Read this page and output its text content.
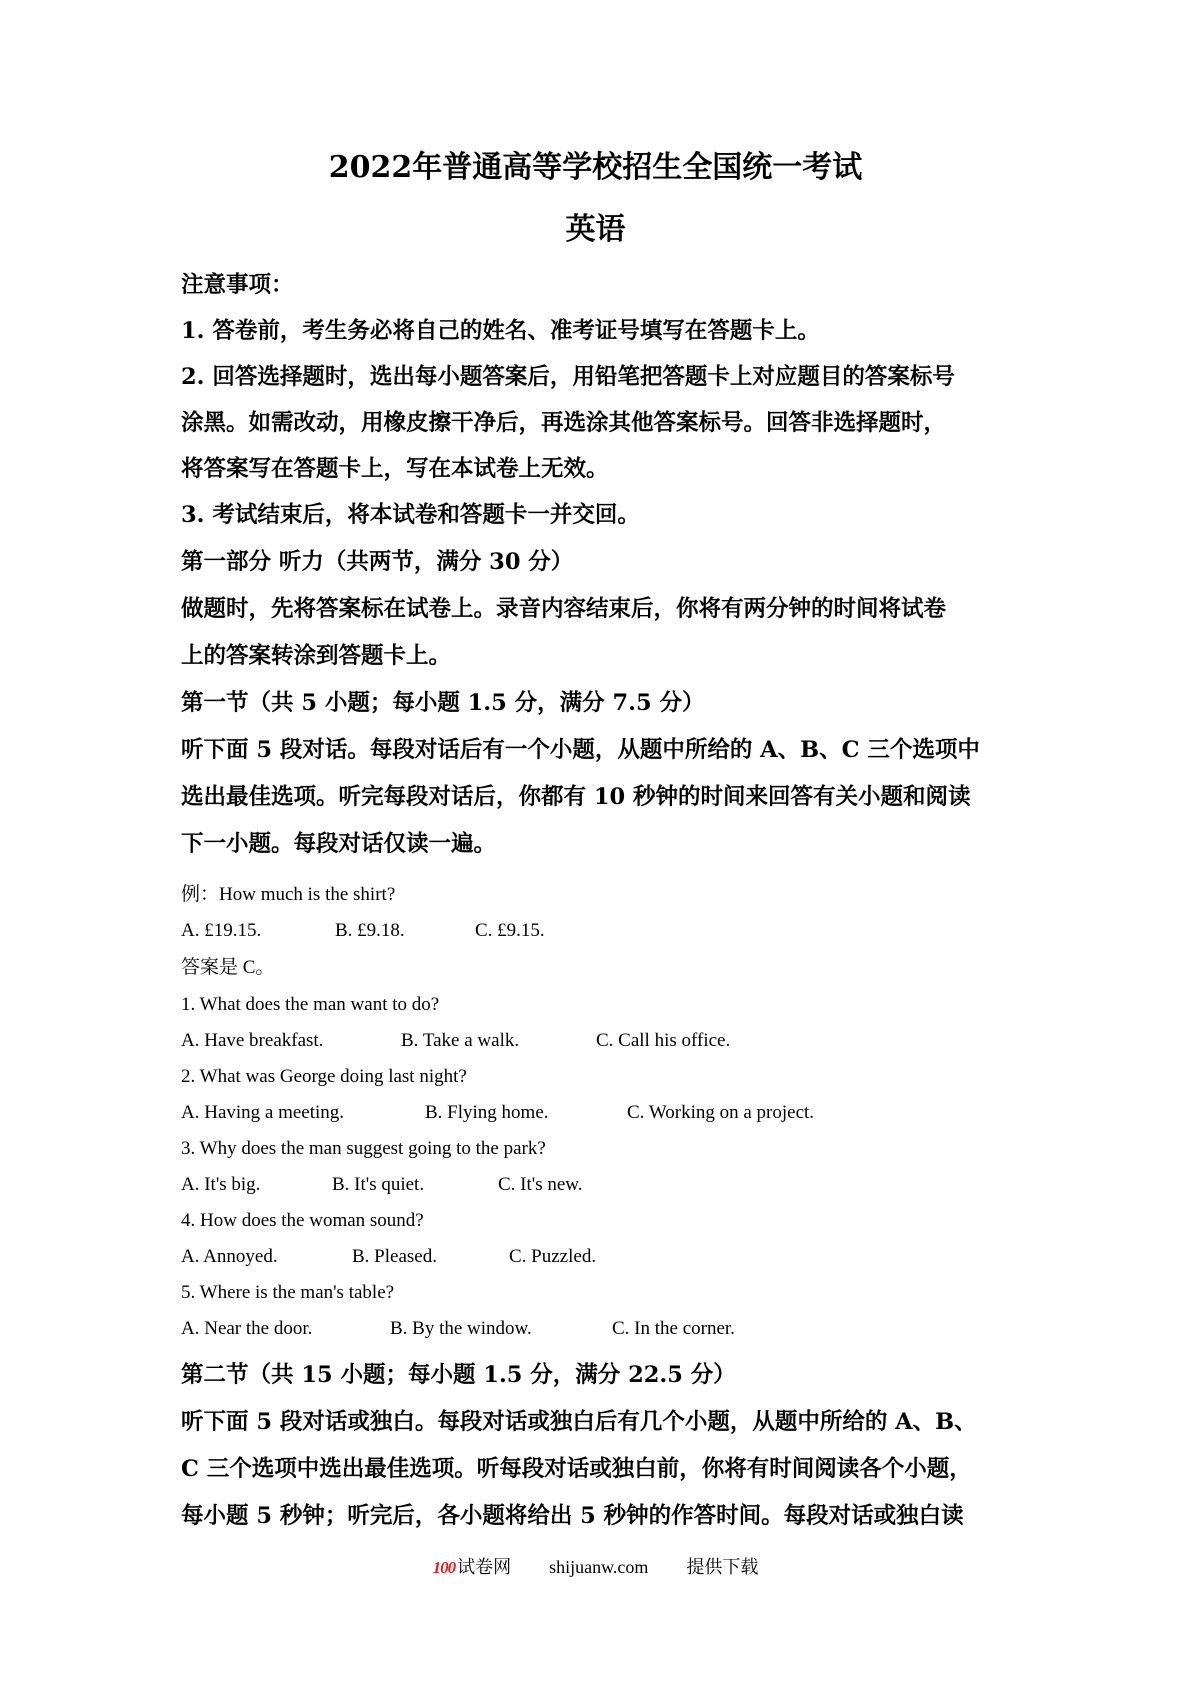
2022年普通高等学校招生全国统一考试
英语
注意事项：
1. 答卷前，考生务必将自己的姓名、准考证号填写在答题卡上。
2. 回答选择题时，选出每小题答案后，用铅笔把答题卡上对应题目的答案标号
涂黑。如需改动，用橡皮擦干净后，再选涂其他答案标号。回答非选择题时，
将答案写在答题卡上，写在本试卷上无效。
3. 考试结束后，将本试卷和答题卡一并交回。
第一部分 听力（共两节，满分 30 分）
做题时，先将答案标在试卷上。录音内容结束后，你将有两分钟的时间将试卷
上的答案转涂到答题卡上。
第一节（共 5 小题；每小题 1.5 分，满分 7.5 分）
听下面 5 段对话。每段对话后有一个小题，从题中所给的 A、B、C 三个选项中
选出最佳选项。听完每段对话后，你都有 10 秒钟的时间来回答有关小题和阅读
下一小题。每段对话仅读一遍。
例：How much is the shirt?
A. £19.15.	B. £9.18.	C. £9.15.
答案是 C。
1. What does the man want to do?
A. Have breakfast.	B. Take a walk.	C. Call his office.
2. What was George doing last night?
A. Having a meeting.	B. Flying home.	C. Working on a project.
3. Why does the man suggest going to the park?
A. It's big.	B. It's quiet.	C. It's new.
4. How does the woman sound?
A. Annoyed.	B. Pleased.	C. Puzzled.
5. Where is the man's table?
A. Near the door.	B. By the window.	C. In the corner.
第二节（共 15 小题；每小题 1.5 分，满分 22.5 分）
听下面 5 段对话或独白。每段对话或独白后有几个小题，从题中所给的 A、B、
C 三个选项中选出最佳选项。听每段对话或独白前，你将有时间阅读各个小题，
每小题 5 秒钟；听完后，各小题将给出 5 秒钟的作答时间。每段对话或独白读
100 试卷网 shijuanw.com 提供下载
